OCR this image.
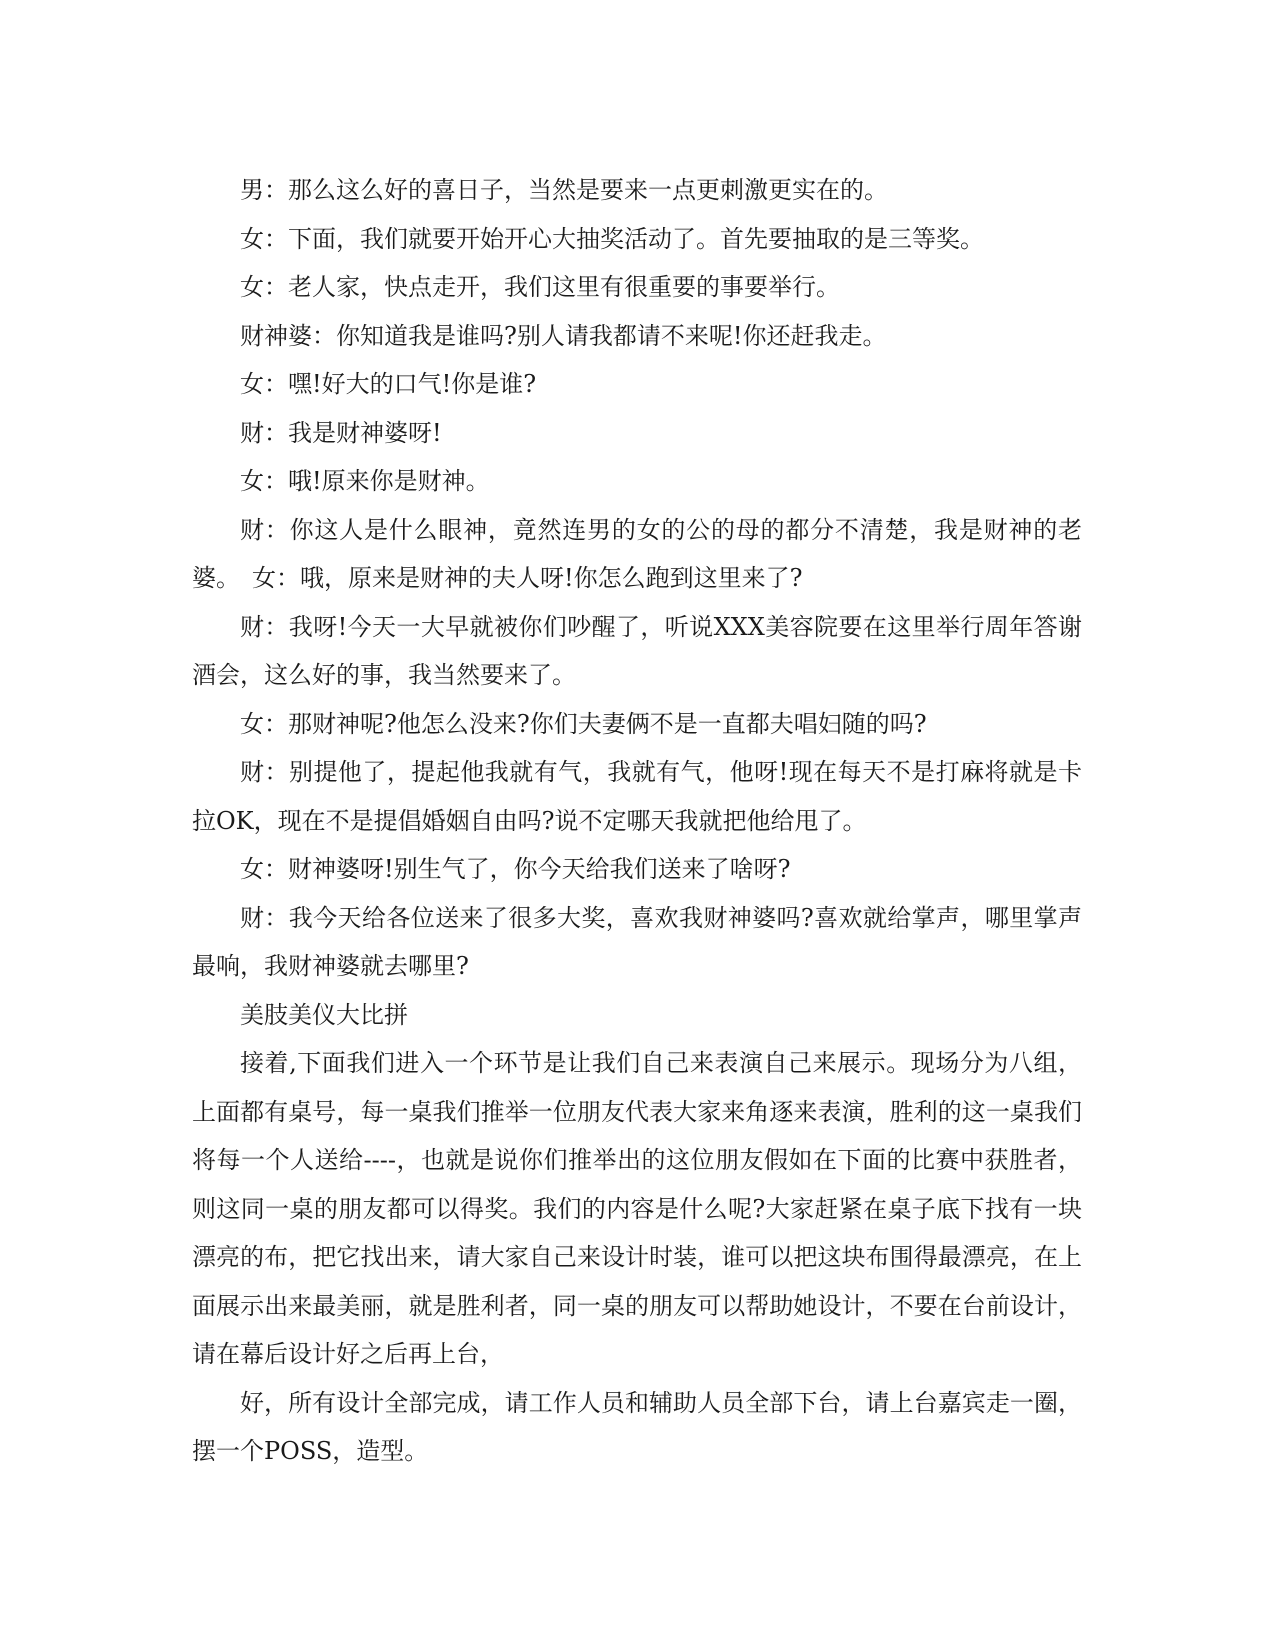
男：那么这么好的喜日子，当然是要来一点更刺激更实在的。

女：下面，我们就要开始开心大抽奖活动了。首先要抽取的是三等奖。

女：老人家，快点走开，我们这里有很重要的事要举行。

财神婆：你知道我是谁吗?别人请我都请不来呢!你还赶我走。

女：嘿!好大的口气!你是谁?

财：我是财神婆呀!

女：哦!原来你是财神。

财：你这人是什么眼神，竟然连男的女的公的母的都分不清楚，我是财神的老婆。　女：哦，原来是财神的夫人呀!你怎么跑到这里来了?

财：我呀!今天一大早就被你们吵醒了，听说XXX美容院要在这里举行周年答谢酒会，这么好的事，我当然要来了。

女：那财神呢?他怎么没来?你们夫妻俩不是一直都夫唱妇随的吗?

财：别提他了，提起他我就有气，我就有气，他呀!现在每天不是打麻将就是卡拉OK，现在不是提倡婚姻自由吗?说不定哪天我就把他给甩了。

女：财神婆呀!别生气了，你今天给我们送来了啥呀?

财：我今天给各位送来了很多大奖，喜欢我财神婆吗?喜欢就给掌声，哪里掌声最响，我财神婆就去哪里?

美肢美仪大比拼

接着,下面我们进入一个环节是让我们自己来表演自己来展示。现场分为八组，上面都有桌号，每一桌我们推举一位朋友代表大家来角逐来表演，胜利的这一桌我们将每一个人送给----，也就是说你们推举出的这位朋友假如在下面的比赛中获胜者，则这同一桌的朋友都可以得奖。我们的内容是什么呢?大家赶紧在桌子底下找有一块漂亮的布，把它找出来，请大家自己来设计时装，谁可以把这块布围得最漂亮，在上面展示出来最美丽，就是胜利者，同一桌的朋友可以帮助她设计，不要在台前设计，请在幕后设计好之后再上台，

好，所有设计全部完成，请工作人员和辅助人员全部下台，请上台嘉宾走一圈，摆一个POSS，造型。
